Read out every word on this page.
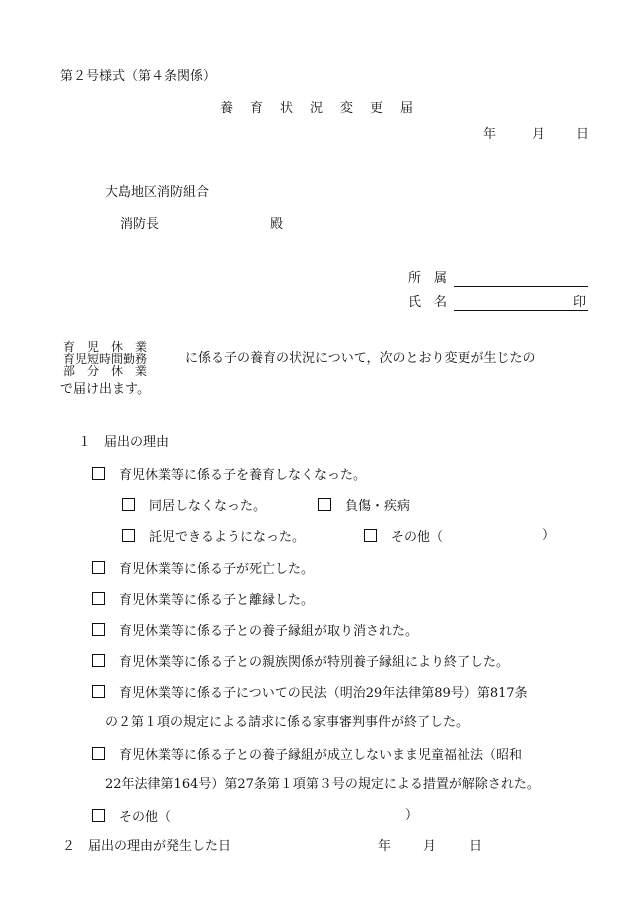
第２号様式（第４条関係）
養育状況変更届
年	月 日
大島地区消防組合
消防長	殿
所　属
氏　名	印
育　児　休　業
育児短時間勤務
部　分　休　業
に係る子の養育の状況について，次のとおり変更が生じたの
で届け出ます。
１　届出の理由
育児休業等に係る子を養育しなくなった。
同居しなくなった。	負傷・疾病
託児できるようになった。	その他（	）
育児休業等に係る子が死亡した。
育児休業等に係る子と離縁した。
育児休業等に係る子との養子縁組が取り消された。
育児休業等に係る子との親族関係が特別養子縁組により終了した。
育児休業等に係る子についての民法（明治29年法律第89号）第817条
の２第１項の規定による請求に係る家事審判事件が終了した。
育児休業等に係る子との養子縁組が成立しないまま児童福祉法（昭和
22年法律第164号）第27条第１項第３号の規定による措置が解除された。
その他（	）
２　届出の理由が発生した日	年 月	日
